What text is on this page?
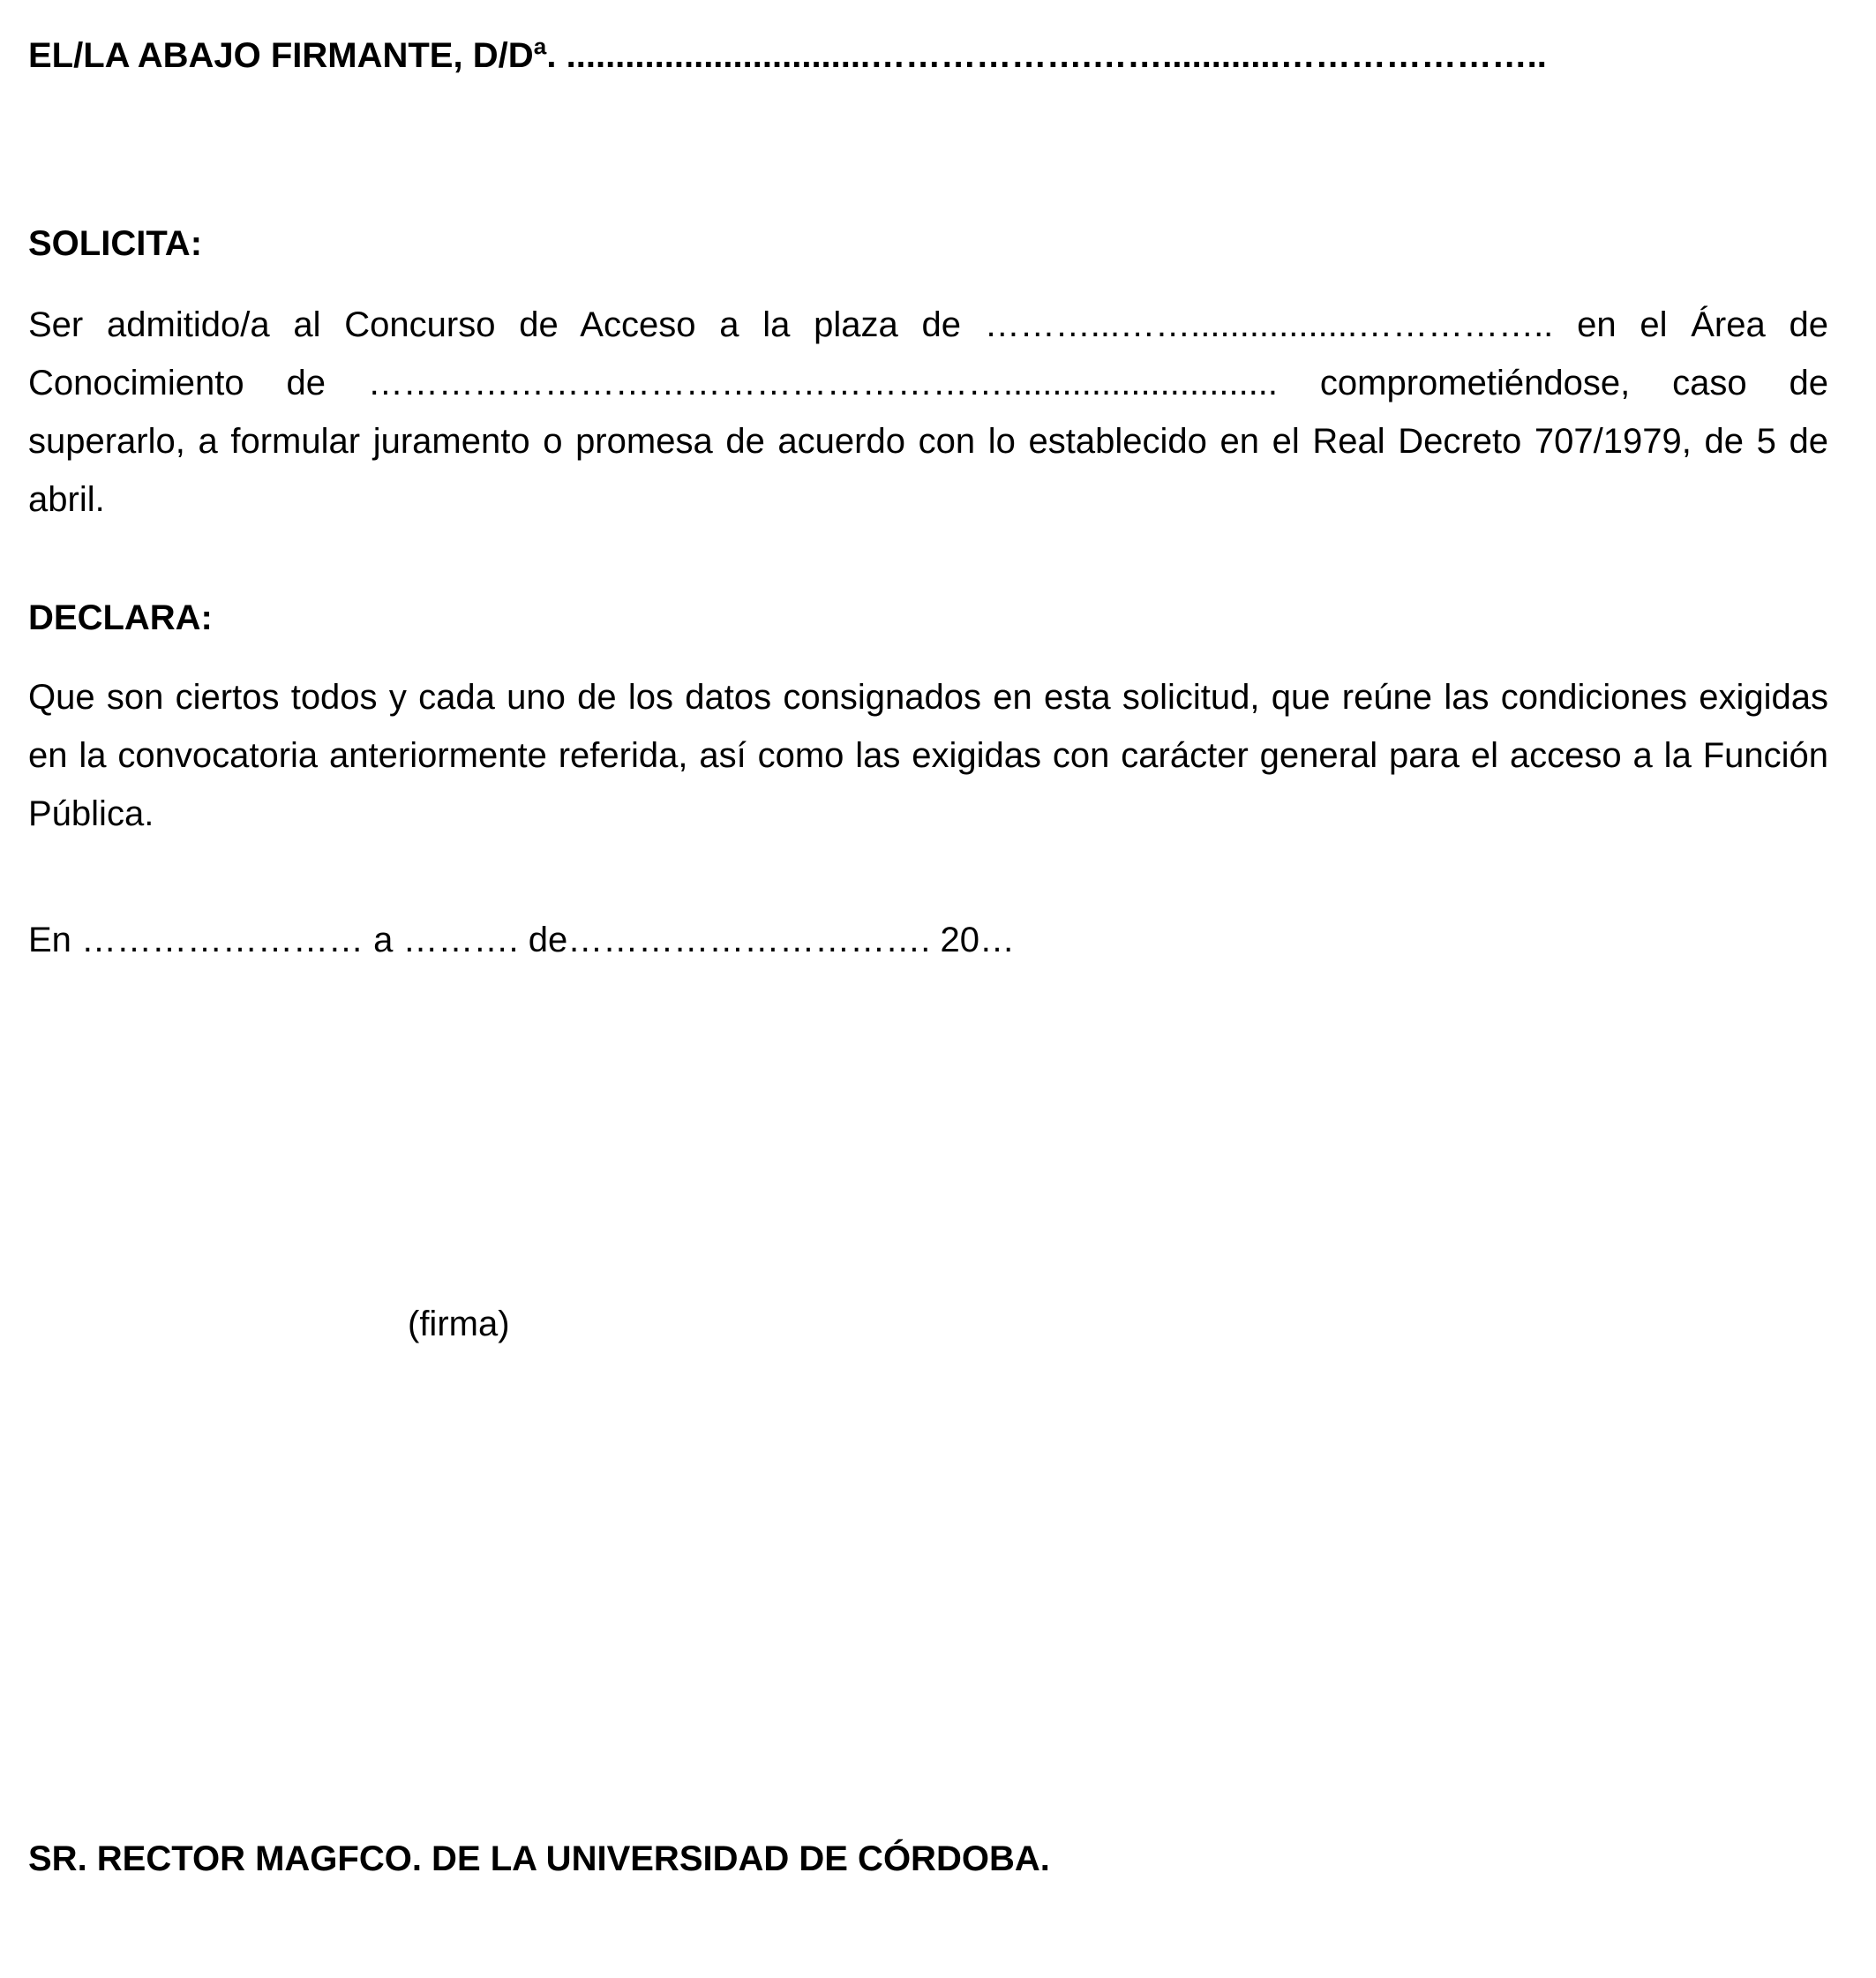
EL/LA ABAJO FIRMANTE, D/Dª. ...............................……………….……............…………………..
SOLICITA:
Ser admitido/a al Concurso de Acceso a la plaza de ………...…….................…………….. en el Área de Conocimiento de ………………………………………………............................ comprometiéndose, caso de superarlo, a formular juramento o promesa de acuerdo con lo establecido en el Real Decreto 707/1979, de 5 de abril.
DECLARA:
Que son ciertos todos y cada uno de los datos consignados en esta solicitud, que reúne las condiciones exigidas en la convocatoria anteriormente referida, así como las exigidas con carácter general para el acceso a la Función Pública.
En …………………… a ………. de…………………………. 20…
(firma)
SR. RECTOR MAGFCO. DE LA UNIVERSIDAD DE CÓRDOBA.
